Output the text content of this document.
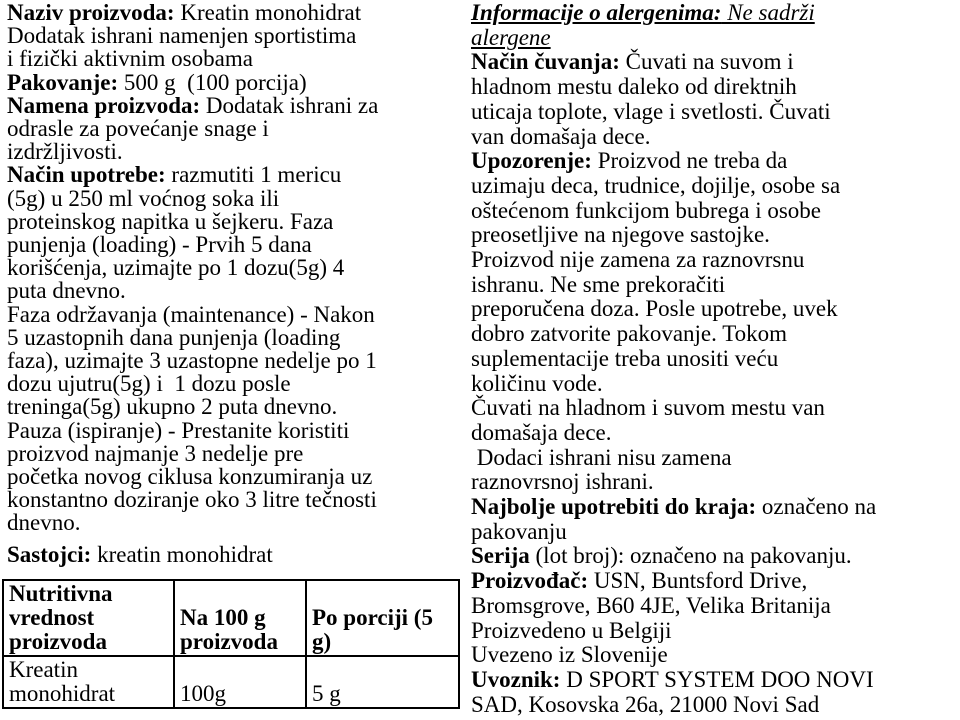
Naziv proizvoda: Kreatin monohidrat
Dodatak ishrani namenjen sportistima
i fizički aktivnim osobama
Pakovanje: 500 g  (100 porcija)
Namena proizvoda: Dodatak ishrani za
odrasle za povećanje snage i
izdržljivosti.
Način upotrebe: razmutiti 1 mericu
(5g) u 250 ml voćnog soka ili
proteinskog napitka u šejkeru. Faza
punjenja (loading) - Prvih 5 dana
korišćenja, uzimajte po 1 dozu(5g) 4
puta dnevno.
Faza održavanja (maintenance) - Nakon
5 uzastopnih dana punjenja (loading
faza), uzimajte 3 uzastopne nedelje po 1
dozu ujutru(5g) i  1 dozu posle
treninga(5g) ukupno 2 puta dnevno.
Pauza (ispiranje) - Prestanite koristiti
proizvod najmanje 3 nedelje pre
početka novog ciklusa konzumiranja uz
konstantno doziranje oko 3 litre tečnosti
dnevno.
Sastojci: kreatin monohidrat
Informacije o alergenima: Ne sadrži
alergene
Način čuvanja: Čuvati na suvom i
hladnom mestu daleko od direktnih
uticaja toplote, vlage i svetlosti. Čuvati
van domašaja dece.
Upozorenje: Proizvod ne treba da
uzimaju deca, trudnice, dojilje, osobe sa
oštećenom funkcijom bubrega i osobe
preosetljive na njegove sastojke.
Proizvod nije zamena za raznovrsnu
ishranu. Ne sme prekoračiti
preporučena doza. Posle upotrebe, uvek
dobro zatvorite pakovanje. Tokom
suplementacije treba unositi veću
količinu vode.
Čuvati na hladnom i suvom mestu van
domašaja dece.
Dodaci ishrani nisu zamena
raznovrsnoj ishrani.
Najbolje upotrebiti do kraja: označeno na
pakovanju
Serija (lot broj): označeno na pakovanju.
Proizvođač: USN, Buntsford Drive,
Bromsgrove, B60 4JE, Velika Britanija
Proizvedeno u Belgiji
Uvezeno iz Slovenije
Uvoznik: D SPORT SYSTEM DOO NOVI
SAD, Kosovska 26a, 21000 Novi Sad
Nutritivna vrednost proizvoda	Na 100 g proizvoda	Po porciji (5 g)
Kreatin monohidrat	100g	5 g
